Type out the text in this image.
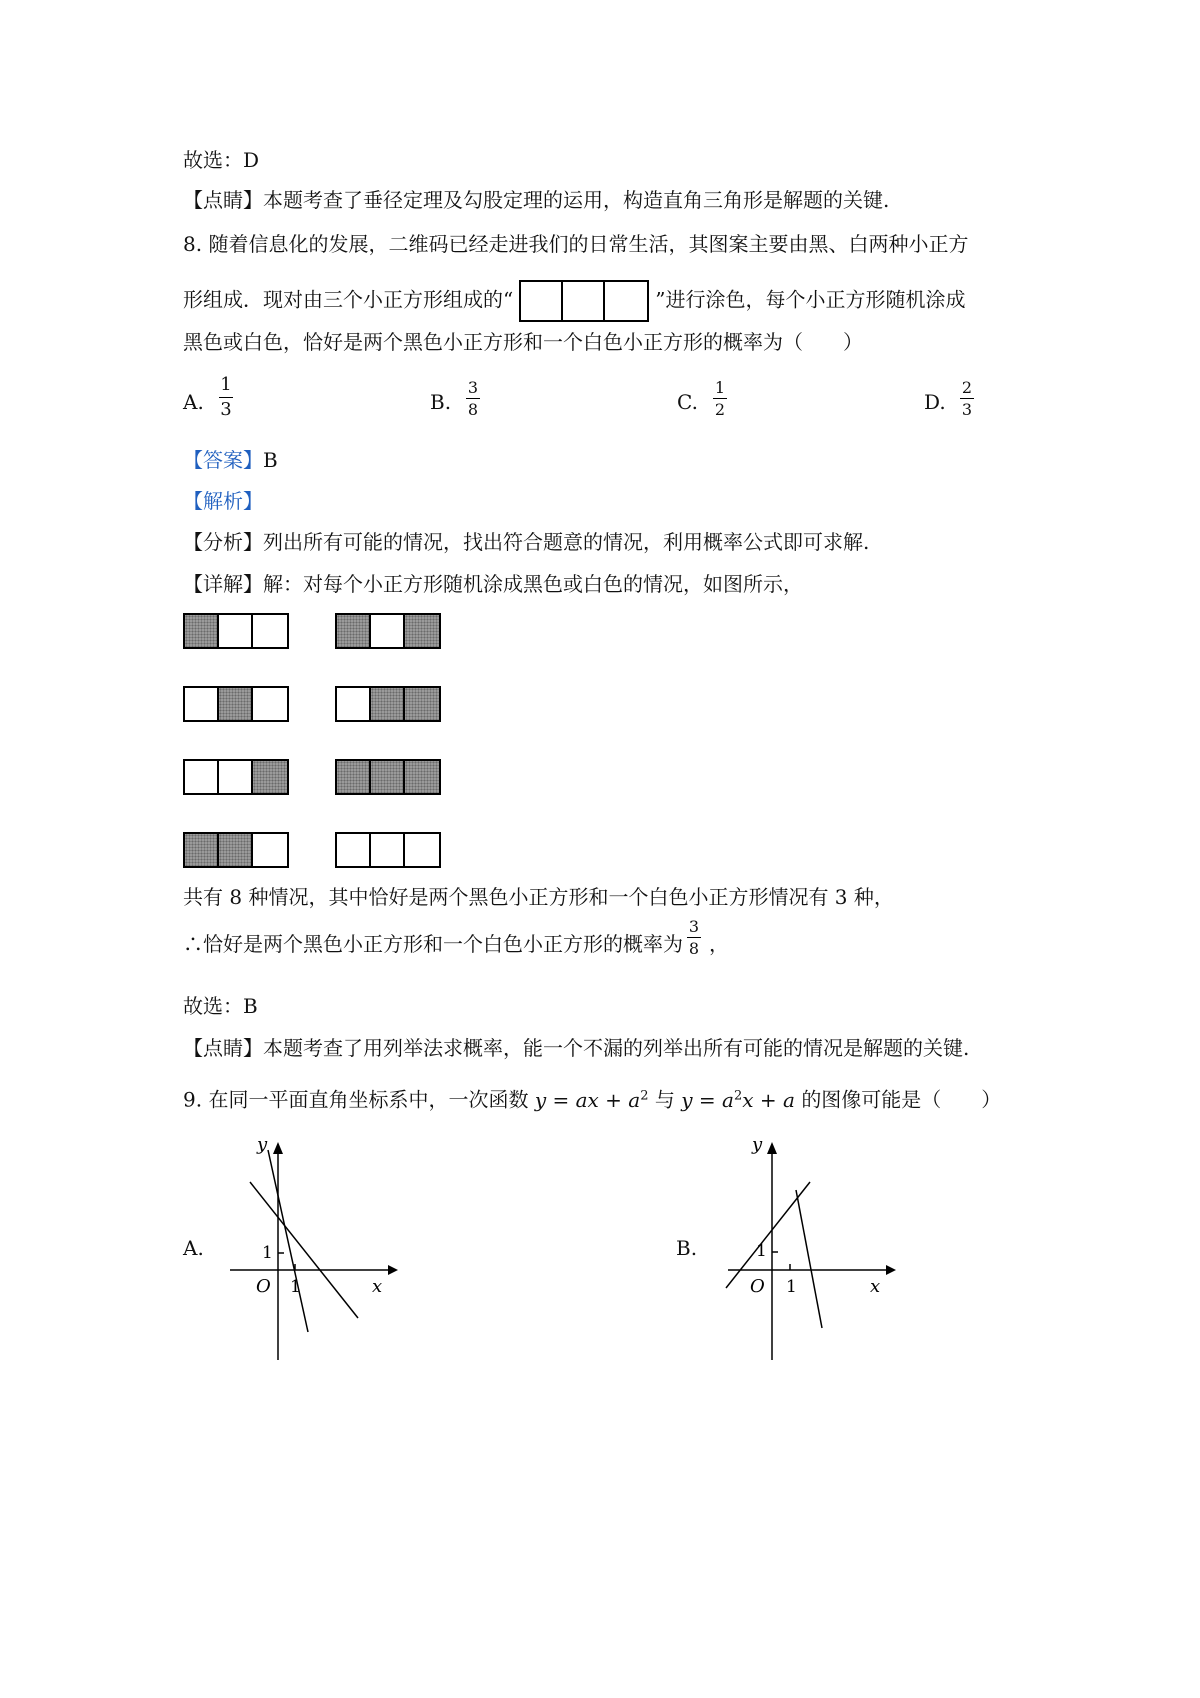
故选：D
【点睛】本题考查了垂径定理及勾股定理的运用，构造直角三角形是解题的关键.
8. 随着信息化的发展，二维码已经走进我们的日常生活，其图案主要由黑、白两种小正方
形组成．现对由三个小正方形组成的“	”进行涂色，每个小正方形随机涂成
黑色或白色，恰好是两个黑色小正方形和一个白色小正方形的概率为（　　）
A.
1
3	B.
3
8	C.
1
2	D.
2
3
【答案】B
【解析】
【分析】列出所有可能的情况，找出符合题意的情况，利用概率公式即可求解.
【详解】解：对每个小正方形随机涂成黑色或白色的情况，如图所示，
共有 8 种情况，其中恰好是两个黑色小正方形和一个白色小正方形情况有 3 种，
∴恰好是两个黑色小正方形和一个白色小正方形的概率为
3
8 ，
故选：B
【点睛】本题考查了用列举法求概率，能一个不漏的列举出所有可能的情况是解题的关键.
9. 在同一平面直角坐标系中，一次函数 y = ax + $a^2$ 与 $y = a^2x + a$ 的图像可能是（　　）
A.
y
x
O 1
1	B.
y
x
O 1
1
